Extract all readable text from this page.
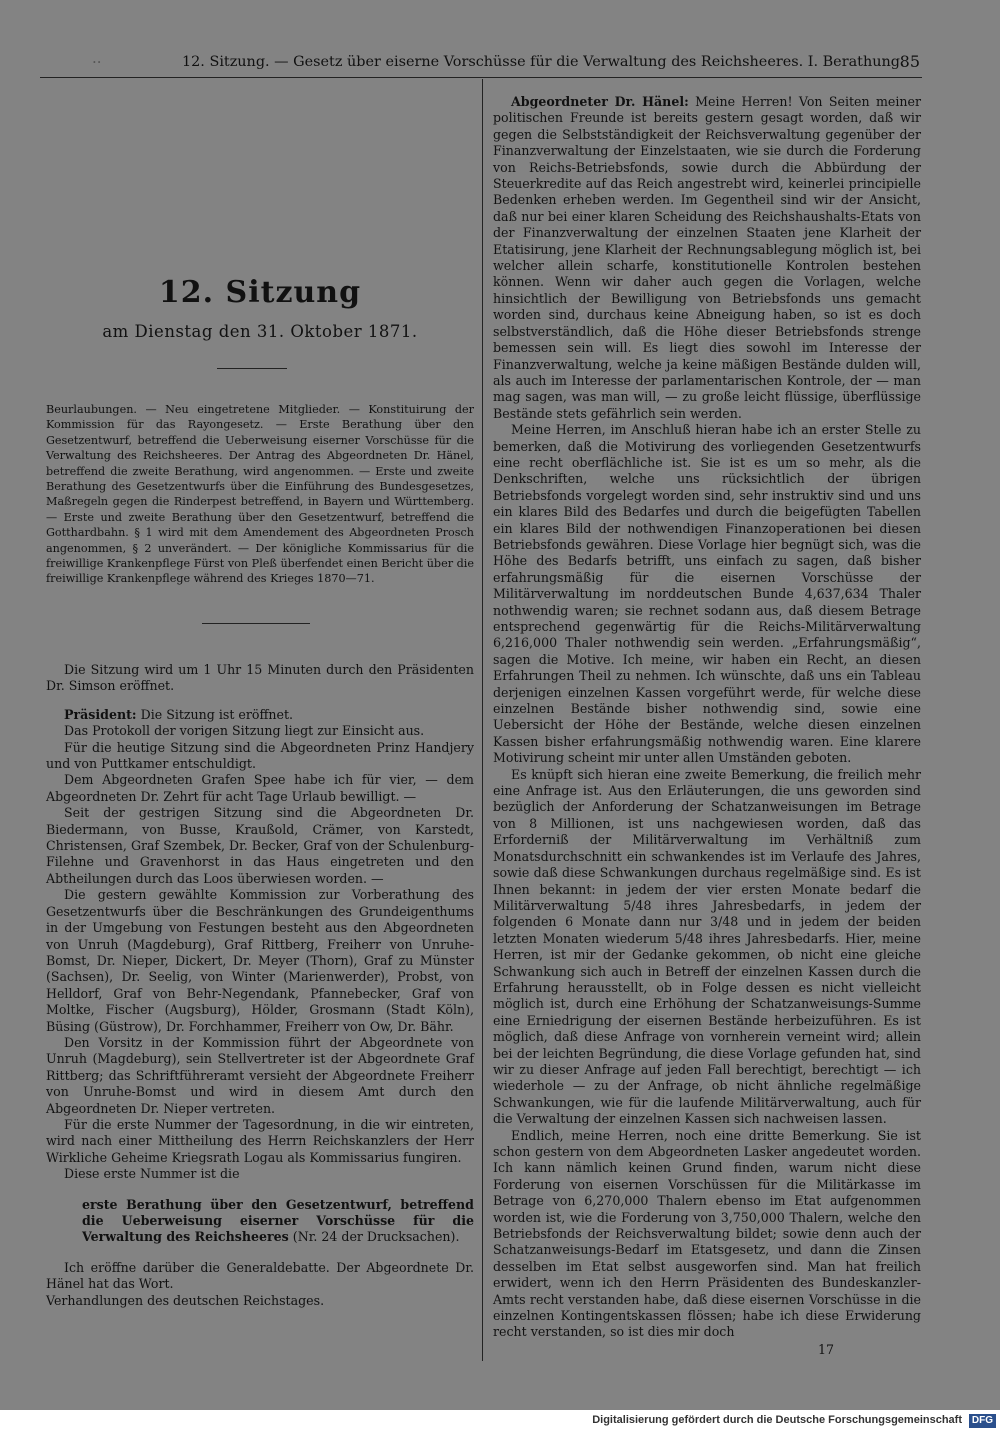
··	12. Sitzung. — Gesetz über eiserne Vorschüsse für die Verwaltung des Reichsheeres. I. Berathung.
85
12. Sitzung
am Dienstag den 31. Oktober 1871.

Beurlaubungen. — Neu eingetretene Mitglieder. — Konstituirung der Kommission für das Rayongesetz. — Erste Berathung über den Gesetzentwurf, betreffend die Ueberweisung eiserner Vorschüsse für die Verwaltung des Reichsheeres. Der Antrag des Abgeordneten Dr. Hänel, betreffend die zweite Berathung, wird angenommen. — Erste und zweite Berathung des Gesetzentwurfs über die Einführung des Bundesgesetzes, Maßregeln gegen die Rinderpest betreffend, in Bayern und Württemberg. — Erste und zweite Berathung über den Gesetzentwurf, betreffend die Gotthardbahn. § 1 wird mit dem Amendement des Abgeordneten Prosch angenommen, § 2 unverändert. — Der königliche Kommissarius für die freiwillige Krankenpflege Fürst von Pleß überfendet einen Bericht über die freiwillige Krankenpflege während des Krieges 1870—71.

Die Sitzung wird um 1 Uhr 15 Minuten durch den Präsidenten Dr. Simson eröffnet.

Präsident: Die Sitzung ist eröffnet.

Das Protokoll der vorigen Sitzung liegt zur Einsicht aus.

Für die heutige Sitzung sind die Abgeordneten Prinz Handjery und von Puttkamer entschuldigt.

Dem Abgeordneten Grafen Spee habe ich für vier, — dem Abgeordneten Dr. Zehrt für acht Tage Urlaub bewilligt. —

Seit der gestrigen Sitzung sind die Abgeordneten Dr. Biedermann, von Busse, Kraußold, Crämer, von Karstedt, Christensen, Graf Szembek, Dr. Becker, Graf von der Schulenburg-Filehne und Gravenhorst in das Haus eingetreten und den Abtheilungen durch das Loos überwiesen worden. —

Die gestern gewählte Kommission zur Vorberathung des Gesetzentwurfs über die Beschränkungen des Grundeigenthums in der Umgebung von Festungen besteht aus den Abgeordneten von Unruh (Magdeburg), Graf Rittberg, Freiherr von Unruhe-Bomst, Dr. Nieper, Dickert, Dr. Meyer (Thorn), Graf zu Münster (Sachsen), Dr. Seelig, von Winter (Marienwerder), Probst, von Helldorf, Graf von Behr-Negendank, Pfannebecker, Graf von Moltke, Fischer (Augsburg), Hölder, Grosmann (Stadt Köln), Büsing (Güstrow), Dr. Forchhammer, Freiherr von Ow, Dr. Bähr.

Den Vorsitz in der Kommission führt der Abgeordnete von Unruh (Magdeburg), sein Stellvertreter ist der Abgeordnete Graf Rittberg; das Schriftführeramt versieht der Abgeordnete Freiherr von Unruhe-Bomst und wird in diesem Amt durch den Abgeordneten Dr. Nieper vertreten.

Für die erste Nummer der Tagesordnung, in die wir eintreten, wird nach einer Mittheilung des Herrn Reichskanzlers der Herr Wirkliche Geheime Kriegsrath Logau als Kommissarius fungiren.

Diese erste Nummer ist die

erste Berathung über den Gesetzentwurf, betreffend die Ueberweisung eiserner Vorschüsse für die Verwaltung des Reichsheeres (Nr. 24 der Drucksachen).

Ich eröffne darüber die Generaldebatte. Der Abgeordnete Dr. Hänel hat das Wort.

Verhandlungen des deutschen Reichstages.

Abgeordneter Dr. Hänel: Meine Herren! Von Seiten meiner politischen Freunde ist bereits gestern gesagt worden, daß wir gegen die Selbstständigkeit der Reichsverwaltung gegenüber der Finanzverwaltung der Einzelstaaten, wie sie durch die Forderung von Reichs-Betriebsfonds, sowie durch die Abbürdung der Steuerkredite auf das Reich angestrebt wird, keinerlei principielle Bedenken erheben werden. Im Gegentheil sind wir der Ansicht, daß nur bei einer klaren Scheidung des Reichshaushalts-Etats von der Finanzverwaltung der einzelnen Staaten jene Klarheit der Etatisirung, jene Klarheit der Rechnungsablegung möglich ist, bei welcher allein scharfe, konstitutionelle Kontrolen bestehen können. Wenn wir daher auch gegen die Vorlagen, welche hinsichtlich der Bewilligung von Betriebsfonds uns gemacht worden sind, durchaus keine Abneigung haben, so ist es doch selbstverständlich, daß die Höhe dieser Betriebsfonds strenge bemessen sein will. Es liegt dies sowohl im Interesse der Finanzverwaltung, welche ja keine mäßigen Bestände dulden will, als auch im Interesse der parlamentarischen Kontrole, der — man mag sagen, was man will, — zu große leicht flüssige, überflüssige Bestände stets gefährlich sein werden.

Meine Herren, im Anschluß hieran habe ich an erster Stelle zu bemerken, daß die Motivirung des vorliegenden Gesetzentwurfs eine recht oberflächliche ist. Sie ist es um so mehr, als die Denkschriften, welche uns rücksichtlich der übrigen Betriebsfonds vorgelegt worden sind, sehr instruktiv sind und uns ein klares Bild des Bedarfes und durch die beigefügten Tabellen ein klares Bild der nothwendigen Finanzoperationen bei diesen Betriebsfonds gewähren. Diese Vorlage hier begnügt sich, was die Höhe des Bedarfs betrifft, uns einfach zu sagen, daß bisher erfahrungsmäßig für die eisernen Vorschüsse der Militärverwaltung im norddeutschen Bunde 4,637,634 Thaler nothwendig waren; sie rechnet sodann aus, daß diesem Betrage entsprechend gegenwärtig für die Reichs-Militärverwaltung 6,216,000 Thaler nothwendig sein werden. „Erfahrungsmäßig“, sagen die Motive. Ich meine, wir haben ein Recht, an diesen Erfahrungen Theil zu nehmen. Ich wünschte, daß uns ein Tableau derjenigen einzelnen Kassen vorgeführt werde, für welche diese einzelnen Bestände bisher nothwendig sind, sowie eine Uebersicht der Höhe der Bestände, welche diesen einzelnen Kassen bisher erfahrungsmäßig nothwendig waren. Eine klarere Motivirung scheint mir unter allen Umständen geboten.

Es knüpft sich hieran eine zweite Bemerkung, die freilich mehr eine Anfrage ist. Aus den Erläuterungen, die uns geworden sind bezüglich der Anforderung der Schatzanweisungen im Betrage von 8 Millionen, ist uns nachgewiesen worden, daß das Erforderniß der Militärverwaltung im Verhältniß zum Monatsdurchschnitt ein schwankendes ist im Verlaufe des Jahres, sowie daß diese Schwankungen durchaus regelmäßige sind. Es ist Ihnen bekannt: in jedem der vier ersten Monate bedarf die Militärverwaltung 5/48 ihres Jahresbedarfs, in jedem der folgenden 6 Monate dann nur 3/48 und in jedem der beiden letzten Monaten wiederum 5/48 ihres Jahresbedarfs. Hier, meine Herren, ist mir der Gedanke gekommen, ob nicht eine gleiche Schwankung sich auch in Betreff der einzelnen Kassen durch die Erfahrung herausstellt, ob in Folge dessen es nicht vielleicht möglich ist, durch eine Erhöhung der Schatzanweisungs-Summe eine Erniedrigung der eisernen Bestände herbeizuführen. Es ist möglich, daß diese Anfrage von vornherein verneint wird; allein bei der leichten Begründung, die diese Vorlage gefunden hat, sind wir zu dieser Anfrage auf jeden Fall berechtigt, berechtigt — ich wiederhole — zu der Anfrage, ob nicht ähnliche regelmäßige Schwankungen, wie für die laufende Militärverwaltung, auch für die Verwaltung der einzelnen Kassen sich nachweisen lassen.

Endlich, meine Herren, noch eine dritte Bemerkung. Sie ist schon gestern von dem Abgeordneten Lasker angedeutet worden. Ich kann nämlich keinen Grund finden, warum nicht diese Forderung von eisernen Vorschüssen für die Militärkasse im Betrage von 6,270,000 Thalern ebenso im Etat aufgenommen worden ist, wie die Forderung von 3,750,000 Thalern, welche den Betriebsfonds der Reichsverwaltung bildet; sowie denn auch der Schatzanweisungs-Bedarf im Etatsgesetz, und dann die Zinsen desselben im Etat selbst ausgeworfen sind. Man hat freilich erwidert, wenn ich den Herrn Präsidenten des Bundeskanzler-Amts recht verstanden habe, daß diese eisernen Vorschüsse in die einzelnen Kontingentskassen flössen; habe ich diese Erwiderung recht verstanden, so ist dies mir doch

17
Digitalisierung gefördert durch die Deutsche Forschungsgemeinschaft DFG
